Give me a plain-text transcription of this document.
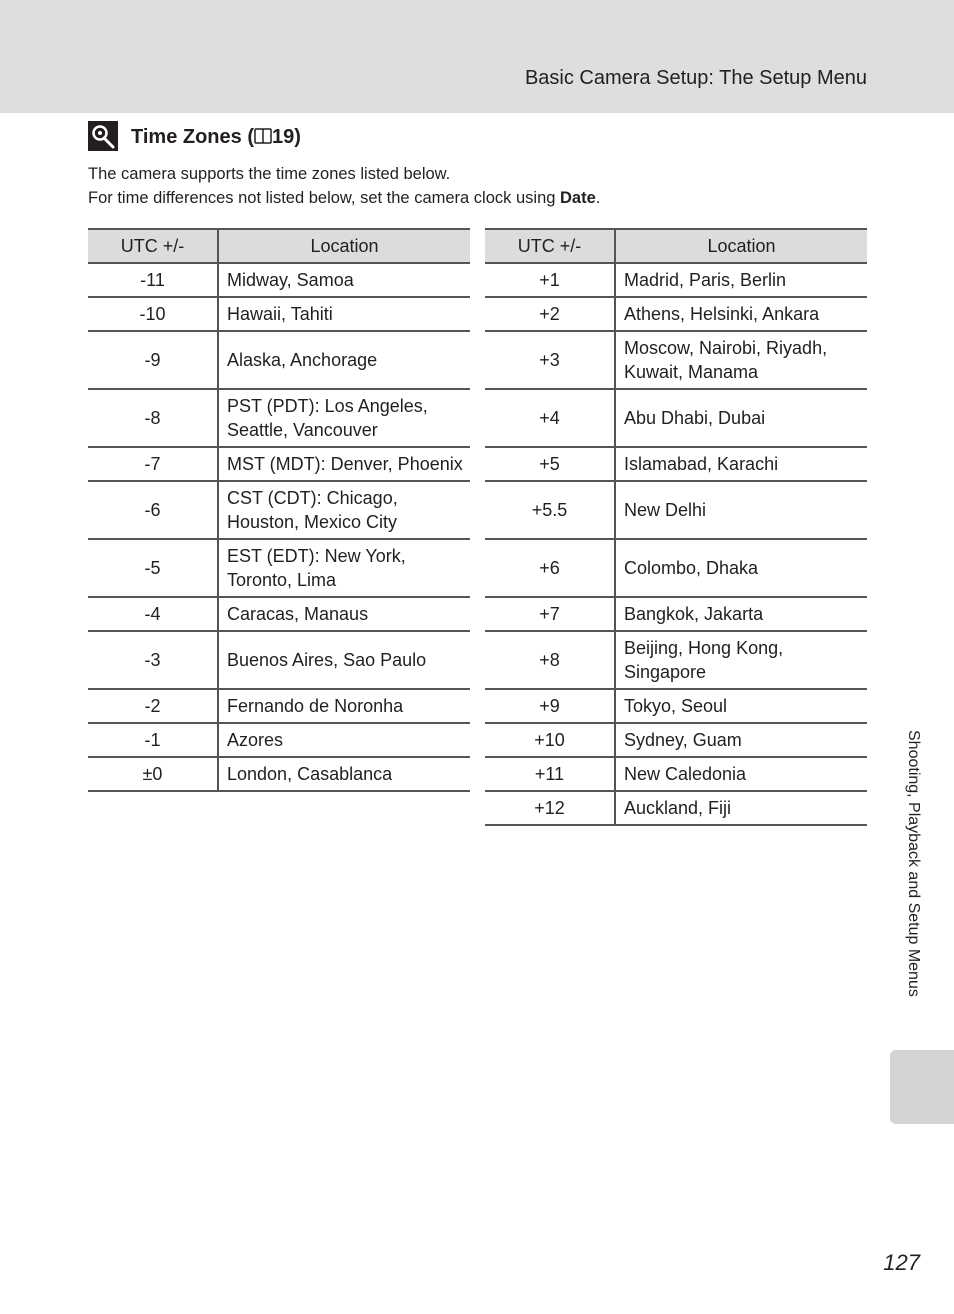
Basic Camera Setup: The Setup Menu
Time Zones ( 19)
The camera supports the time zones listed below.
For time differences not listed below, set the camera clock using Date.
UTC +/-	Location
-11	Midway, Samoa
-10	Hawaii, Tahiti
-9	Alaska, Anchorage
-8	PST (PDT): Los Angeles, Seattle, Vancouver
-7	MST (MDT): Denver, Phoenix
-6	CST (CDT): Chicago, Houston, Mexico City
-5	EST (EDT): New York, Toronto, Lima
-4	Caracas, Manaus
-3	Buenos Aires, Sao Paulo
-2	Fernando de Noronha
-1	Azores
±0	London, Casablanca
UTC +/-	Location
+1	Madrid, Paris, Berlin
+2	Athens, Helsinki, Ankara
+3	Moscow, Nairobi, Riyadh, Kuwait, Manama
+4	Abu Dhabi, Dubai
+5	Islamabad, Karachi
+5.5	New Delhi
+6	Colombo, Dhaka
+7	Bangkok, Jakarta
+8	Beijing, Hong Kong, Singapore
+9	Tokyo, Seoul
+10	Sydney, Guam
+11	New Caledonia
+12	Auckland, Fiji	Shooting, Playback and Setup Menus
127
